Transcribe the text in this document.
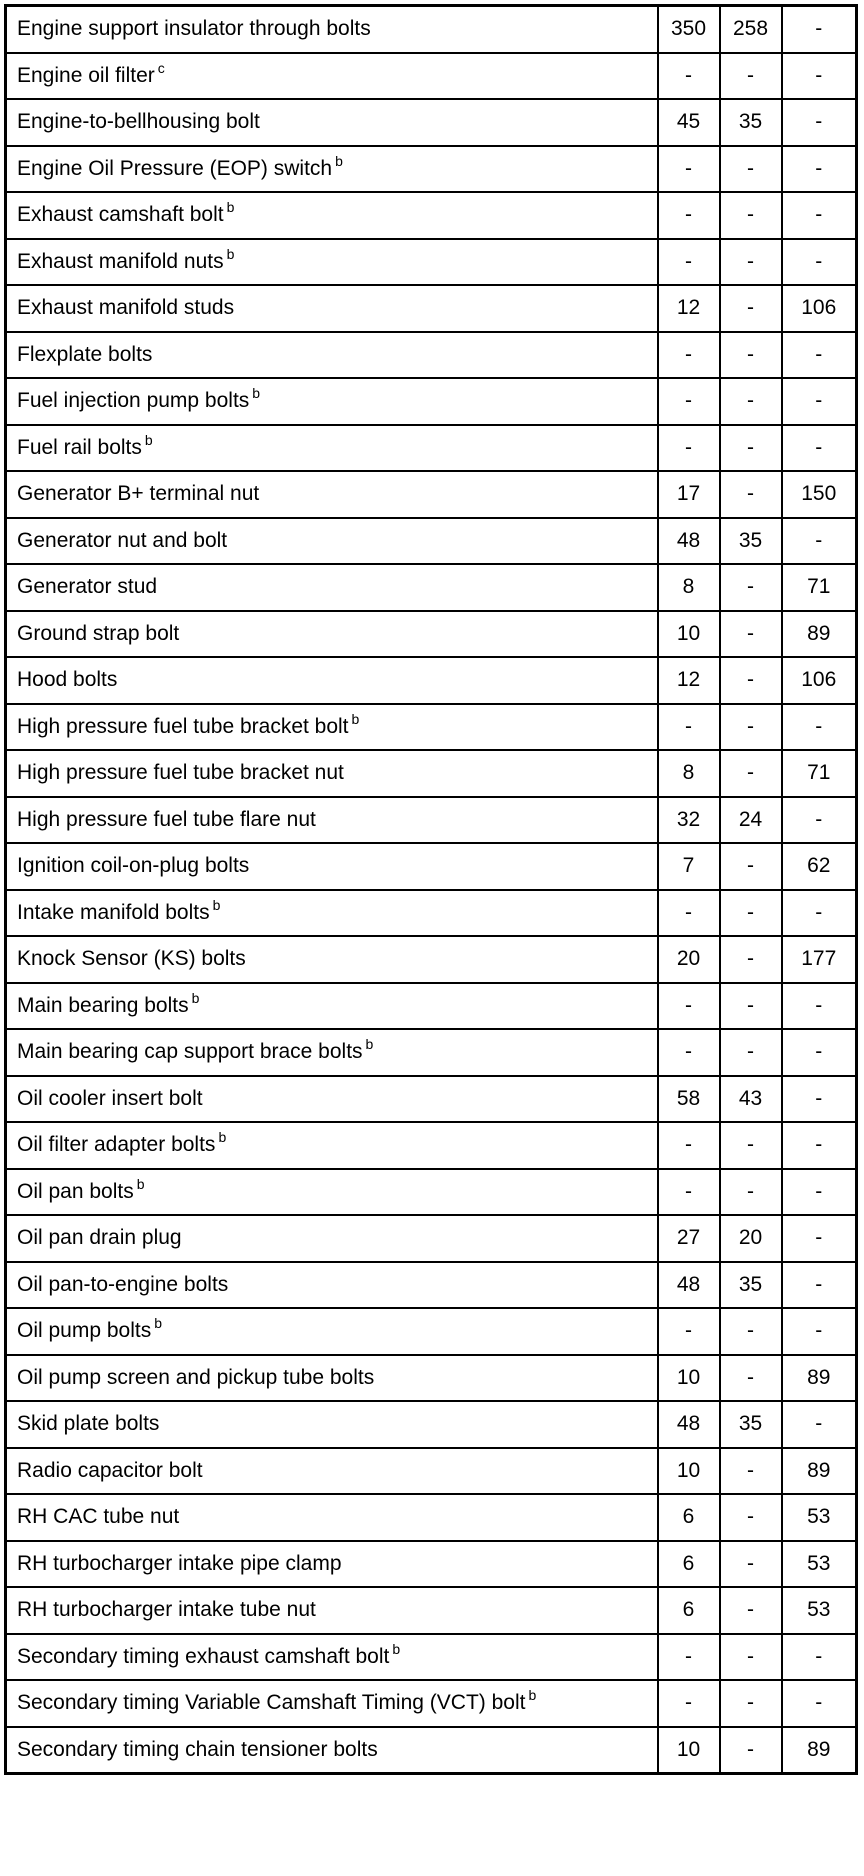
Engine support insulator through bolts	350	258	-
Engine oil filter $^c$	-	-	-
Engine-to-bellhousing bolt	45	35	-
Engine Oil Pressure (EOP) switch $^b$	-	-	-
Exhaust camshaft bolt $^b$	-	-	-
Exhaust manifold nuts $^b$	-	-	-
Exhaust manifold studs	12	-	106
Flexplate bolts	-	-	-
Fuel injection pump bolts $^b$	-	-	-
Fuel rail bolts $^b$	-	-	-
Generator B+ terminal nut	17	-	150
Generator nut and bolt	48	35	-
Generator stud	8	-	71
Ground strap bolt	10	-	89
Hood bolts	12	-	106
High pressure fuel tube bracket bolt $^b$	-	-	-
High pressure fuel tube bracket nut	8	-	71
High pressure fuel tube flare nut	32	24	-
Ignition coil-on-plug bolts	7	-	62
Intake manifold bolts $^b$	-	-	-
Knock Sensor (KS) bolts	20	-	177
Main bearing bolts $^b$	-	-	-
Main bearing cap support brace bolts $^b$	-	-	-
Oil cooler insert bolt	58	43	-
Oil filter adapter bolts $^b$	-	-	-
Oil pan bolts $^b$	-	-	-
Oil pan drain plug	27	20	-
Oil pan-to-engine bolts	48	35	-
Oil pump bolts $^b$	-	-	-
Oil pump screen and pickup tube bolts	10	-	89
Skid plate bolts	48	35	-
Radio capacitor bolt	10	-	89
RH CAC tube nut	6	-	53
RH turbocharger intake pipe clamp	6	-	53
RH turbocharger intake tube nut	6	-	53
Secondary timing exhaust camshaft bolt $^b$	-	-	-
Secondary timing Variable Camshaft Timing (VCT) bolt $^b$	-	-	-
Secondary timing chain tensioner bolts	10	-	89
